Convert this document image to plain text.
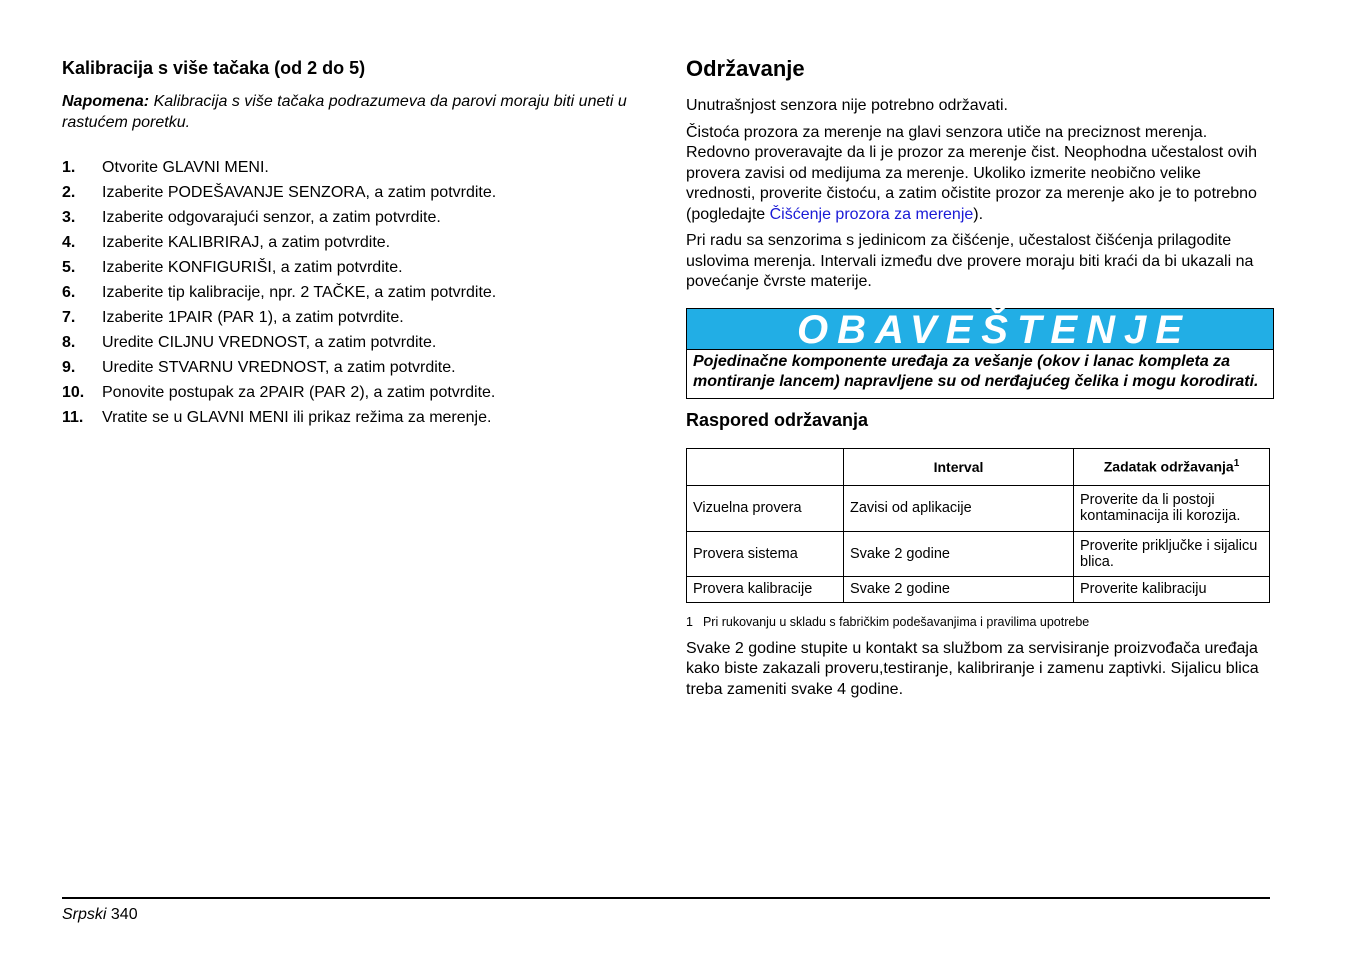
Kalibracija s više tačaka (od 2 do 5)

Napomena: Kalibracija s više tačaka podrazumeva da parovi moraju biti uneti u rastućem poretku.

1.	Otvorite GLAVNI MENI.
2.	Izaberite PODEŠAVANJE SENZORA, a zatim potvrdite.
3.	Izaberite odgovarajući senzor, a zatim potvrdite.
4.	Izaberite KALIBRIRAJ, a zatim potvrdite.
5.	Izaberite KONFIGURIŠI, a zatim potvrdite.
6.	Izaberite tip kalibracije, npr. 2 TAČKE, a zatim potvrdite.
7.	Izaberite 1PAIR (PAR 1), a zatim potvrdite.
8.	Uredite CILJNU VREDNOST, a zatim potvrdite.
9.	Uredite STVARNU VREDNOST, a zatim potvrdite.
10.	Ponovite postupak za 2PAIR (PAR 2), a zatim potvrdite.
11.	Vratite se u GLAVNI MENI ili prikaz režima za merenje.
Održavanje

Unutrašnjost senzora nije potrebno održavati.

Čistoća prozora za merenje na glavi senzora utiče na preciznost merenja. Redovno proveravajte da li je prozor za merenje čist. Neophodna učestalost ovih provera zavisi od medijuma za merenje. Ukoliko izmerite neobično velike vrednosti, proverite čistoću, a zatim očistite prozor za merenje ako je to potrebno (pogledajte Čišćenje prozora za merenje).

Pri radu sa senzorima s jedinicom za čišćenje, učestalost čišćenja prilagodite uslovima merenja. Intervali između dve provere moraju biti kraći da bi ukazali na povećanje čvrste materije.

OBAVEŠTENJE
Pojedinačne komponente uređaja za vešanje (okov i lanac kompleta za montiranje lancem) napravljene su od nerđajućeg čelika i mogu korodirati.
Raspored održavanja
	Interval	Zadatak održavanja$^1$
Vizuelna provera	Zavisi od aplikacije	Proverite da li postoji kontaminacija ili korozija.
Provera sistema	Svake 2 godine	Proverite priključke i sijalicu blica.
Provera kalibracije	Svake 2 godine	Proverite kalibraciju
1 Pri rukovanju u skladu s fabričkim podešavanjima i pravilima upotrebe

Svake 2 godine stupite u kontakt sa službom za servisiranje proizvođača uređaja kako biste zakazali proveru,testiranje, kalibriranje i zamenu zaptivki. Sijalicu blica treba zameniti svake 4 godine.

Srpski 340
